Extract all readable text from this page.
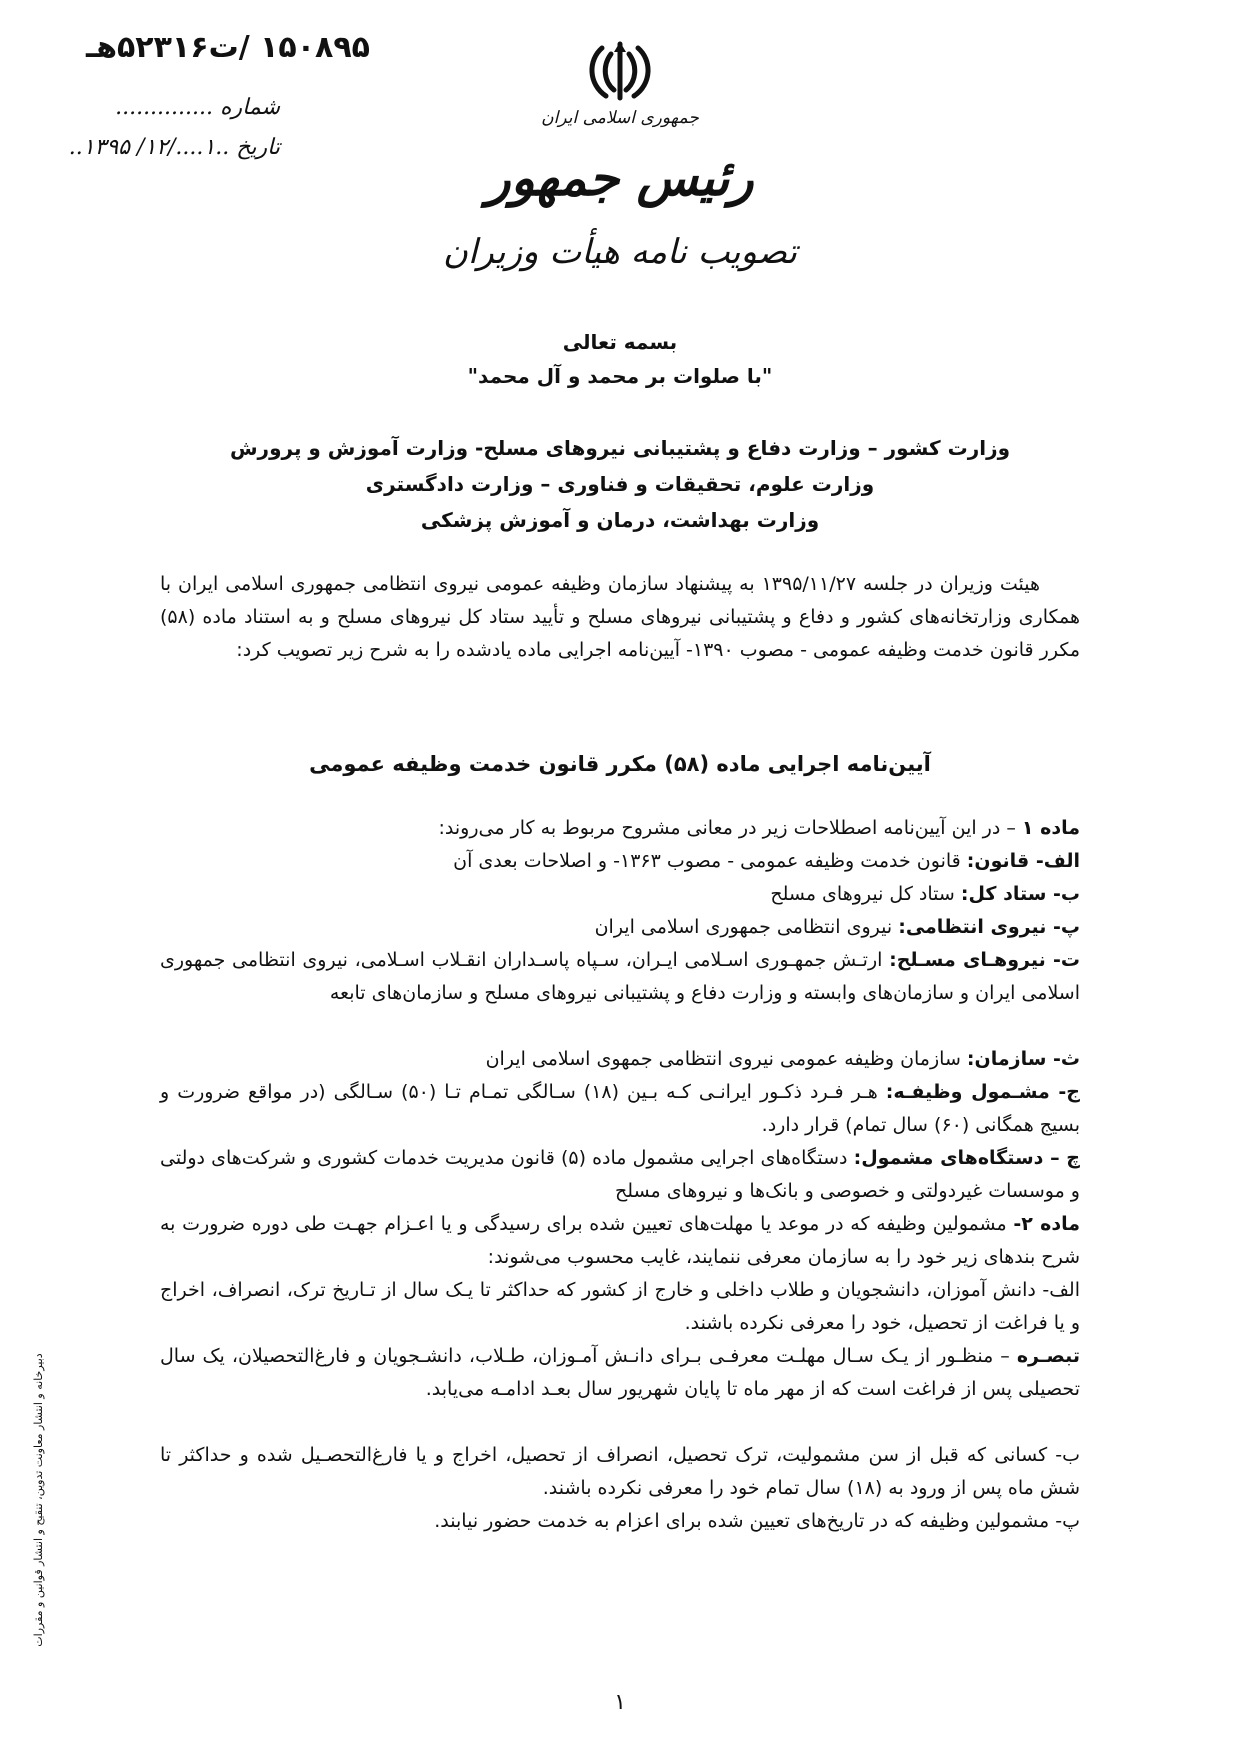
۱۵۰۸۹۵ /ت۵۲۳۱۶هـ
شماره ..............
تاریخ ..۱..../۱۲/ ۱۳۹۵..
جمهوری اسلامی ایران
رئیس جمهور
تصویب نامه هیأت وزیران
بسمه تعالی
"با صلوات بر محمد و آل محمد"
وزارت کشور – وزارت دفاع و پشتیبانی نیروهای مسلح- وزارت آموزش و پرورش
وزارت علوم، تحقیقات و فناوری – وزارت دادگستری
وزارت بهداشت، درمان و آموزش پزشکی

هیئت وزیران در جلسه ۱۳۹۵/۱۱/۲۷ به پیشنهاد سازمان وظیفه عمومی نیروی انتظامی جمهوری اسلامی ایران با همکاری وزارتخانه‌های کشور و دفاع و پشتیبانی نیروهای مسلح و تأیید ستاد کل نیروهای مسلح و به استناد ماده (۵۸) مکرر قانون خدمت وظیفه عمومی - مصوب ۱۳۹۰- آیین‌نامه اجرایی ماده یادشده را به شرح زیر تصویب کرد:

آیین‌نامه اجرایی ماده (۵۸) مکرر قانون خدمت وظیفه عمومی

ماده ۱ – در این آیین‌نامه اصطلاحات زیر در معانی مشروح مربوط به کار می‌روند:

الف- قانون: قانون خدمت وظیفه عمومی - مصوب ۱۳۶۳- و اصلاحات بعدی آن

ب- ستاد کل: ستاد کل نیروهای مسلح

پ- نیروی انتظامی: نیروی انتظامی جمهوری اسلامی ایران

ت- نیروهـای مسـلح: ارتـش جمهـوری اسـلامی ایـران، سـپاه پاسـداران انقـلاب اسـلامی، نیروی انتظامی جمهوری اسلامی ایران و سازمان‌های وابسته و وزارت دفاع و پشتیبانی نیروهای مسلح و سازمان‌های تابعه

ث- سازمان: سازمان وظیفه عمومی نیروی انتظامی جمهوی اسلامی ایران

ج- مشـمول وظیفـه: هـر فـرد ذکـور ایرانـی کـه بـین (۱۸) سـالگی تمـام تـا (۵۰) سـالگی (در مواقع ضرورت و بسیج همگانی (۶۰) سال تمام) قرار دارد.

چ – دستگاه‌های مشمول: دستگاه‌های اجرایی مشمول ماده (۵) قانون مدیریت خدمات کشوری و شرکت‌های دولتی و موسسات غیردولتی و خصوصی و بانک‌ها و نیروهای مسلح

ماده ۲- مشمولین وظیفه که در موعد یا مهلت‌های تعیین شده برای رسیدگی و یا اعـزام جهـت طی دوره ضرورت به شرح بندهای زیر خود را به سازمان معرفی ننمایند، غایب محسوب می‌شوند:

الف- دانش آموزان، دانشجویان و طلاب داخلی و خارج از کشور که حداکثر تا یـک سال از تـاریخ ترک، انصراف، اخراج و یا فراغت از تحصیل، خود را معرفی نکرده باشند.

تبصـره – منظـور از یـک سـال مهلـت معرفـی بـرای دانـش آمـوزان، طـلاب، دانشـجویان و فارغ‌التحصیلان، یک سال تحصیلی پس از فراغت است که از مهر ماه تا پایان شهریور سال بعـد ادامـه می‌یابد.

ب- کسانی که قبل از سن مشمولیت، ترک تحصیل، انصراف از تحصیل، اخراج و یا فارغ‌التحصـیل شده و حداکثر تا شش ماه پس از ورود به (۱۸) سال تمام خود را معرفی نکرده باشند.

پ- مشمولین وظیفه که در تاریخ‌های تعیین شده برای اعزام به خدمت حضور نیابند.

دبیرخانه و انتشار معاونت تدوین، تنقیح و انتشار قوانین و مقررات
۱
